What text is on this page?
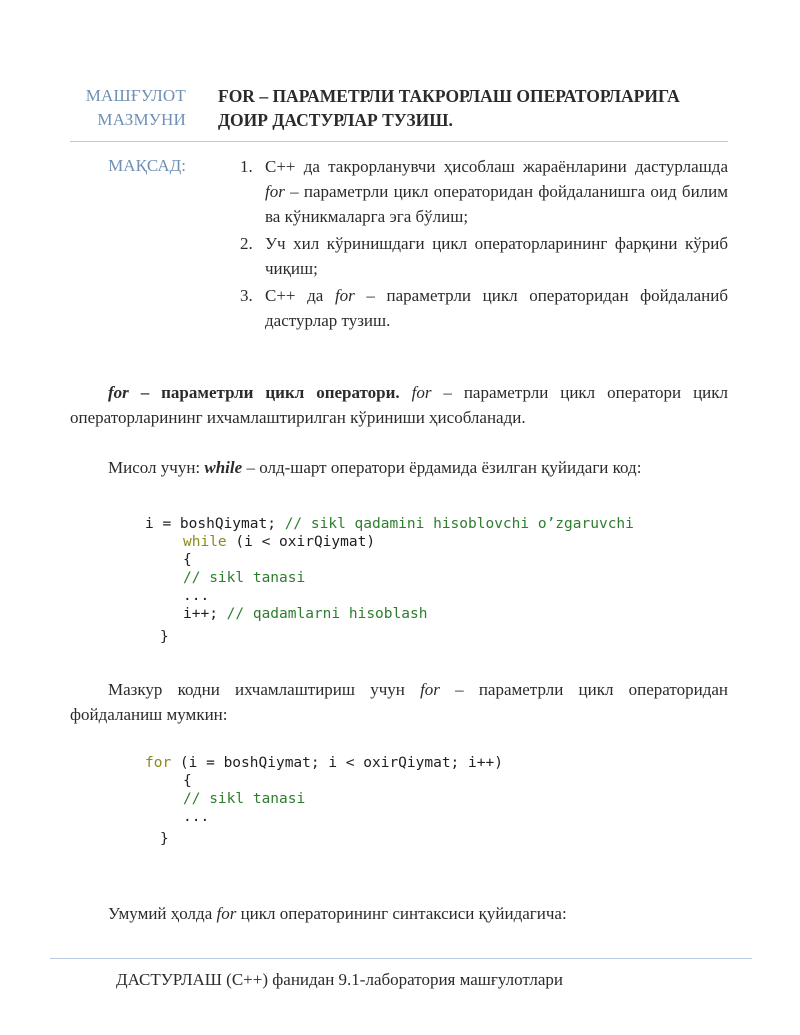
МАШҒУЛОТ
МАЗМУНИ
FOR – ПАРАМЕТРЛИ ТАКРОРЛАШ ОПЕРАТОРЛАРИГА
ДОИР ДАСТУРЛАР ТУЗИШ.
МАҚСАД:	1. C++ да такрорланувчи ҳисоблаш жараёнларини дастурлашда for – параметрли цикл операторидан фойдаланишга оид билим ва кўникмаларга эга бўлиш;
2. Уч хил кўринишдаги цикл операторларининг фарқини кўриб чиқиш;
3. C++ да for – параметрли цикл операторидан фойдаланиб дастурлар тузиш.

for – параметрли цикл оператори. for – параметрли цикл оператори цикл операторларининг ихчамлаштирилган кўриниши ҳисобланади.

Мисол учун: while – олд-шарт оператори ёрдамида ёзилган қуйидаги код:

i = boshQiymat; // sikl qadamini hisoblovchi o’zgaruvchi
while (i < oxirQiymat)
{
// sikl tanasi
...
i++; // qadamlarni hisoblash
}

Мазкур кодни ихчамлаштириш учун for – параметрли цикл операторидан фойдаланиш мумкин:

for (i = boshQiymat; i < oxirQiymat; i++)
{
// sikl tanasi
...
}

Умумий ҳолда for цикл операторининг синтаксиси қуйидагича:

ДАСТУРЛАШ (C++) фанидан 9.1-лаборатория машғулотлари
